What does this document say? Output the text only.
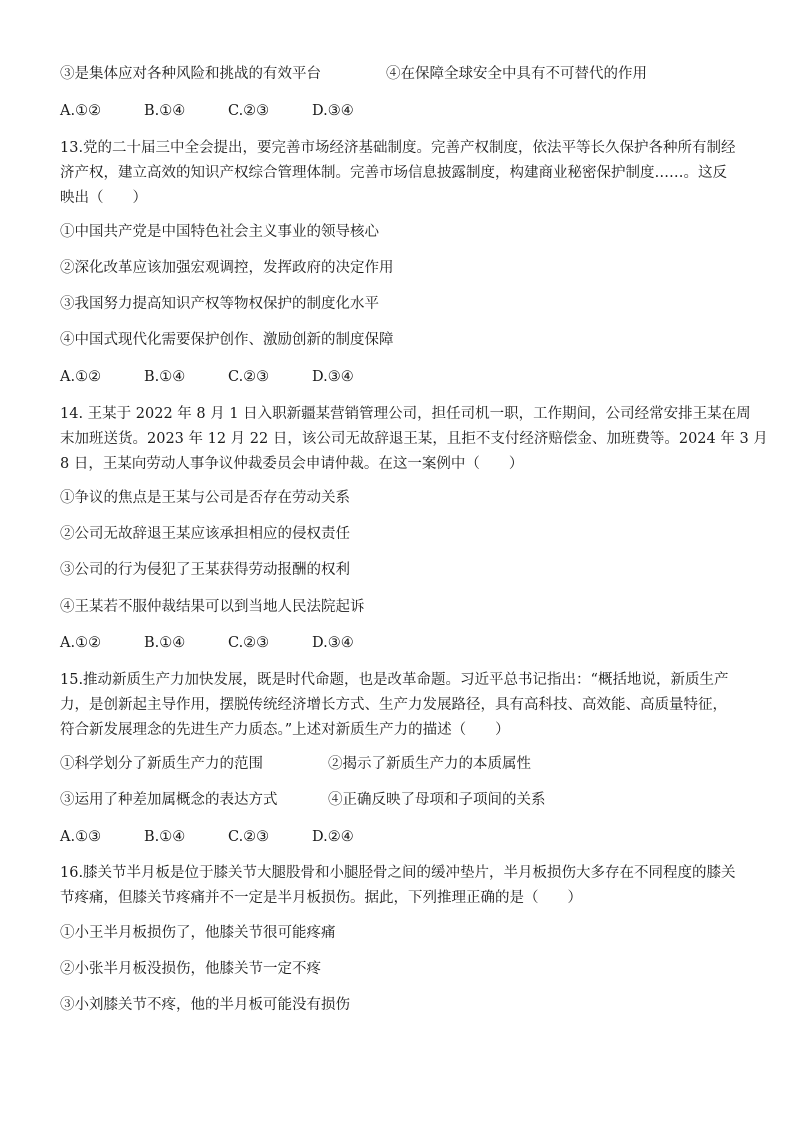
③是集体应对各种风险和挑战的有效平台	④在保障全球安全中具有不可替代的作用
A.①②	B.①④	C.②③	D.③④
13.党的二十届三中全会提出，要完善市场经济基础制度。完善产权制度，依法平等长久保护各种所有制经
济产权，建立高效的知识产权综合管理体制。完善市场信息披露制度，构建商业秘密保护制度……。这反
映出（　　）
①中国共产党是中国特色社会主义事业的领导核心
②深化改革应该加强宏观调控，发挥政府的决定作用
③我国努力提高知识产权等物权保护的制度化水平
④中国式现代化需要保护创作、激励创新的制度保障
A.①②	B.①④	C.②③	D.③④
14. 王某于 2022 年 8 月 1 日入职新疆某营销管理公司，担任司机一职，工作期间，公司经常安排王某在周
末加班送货。2023 年 12 月 22 日，该公司无故辞退王某，且拒不支付经济赔偿金、加班费等。2024 年 3 月
8 日，王某向劳动人事争议仲裁委员会申请仲裁。在这一案例中（　　）
①争议的焦点是王某与公司是否存在劳动关系
②公司无故辞退王某应该承担相应的侵权责任
③公司的行为侵犯了王某获得劳动报酬的权利
④王某若不服仲裁结果可以到当地人民法院起诉
A.①②	B.①④	C.②③	D.③④
15.推动新质生产力加快发展，既是时代命题，也是改革命题。习近平总书记指出：“概括地说，新质生产
力，是创新起主导作用，摆脱传统经济增长方式、生产力发展路径，具有高科技、高效能、高质量特征，
符合新发展理念的先进生产力质态。”上述对新质生产力的描述（　　）
①科学划分了新质生产力的范围	②揭示了新质生产力的本质属性
③运用了种差加属概念的表达方式	④正确反映了母项和子项间的关系
A.①③	B.①④	C.②③	D.②④
16.膝关节半月板是位于膝关节大腿股骨和小腿胫骨之间的缓冲垫片，半月板损伤大多存在不同程度的膝关
节疼痛，但膝关节疼痛并不一定是半月板损伤。据此，下列推理正确的是（　　）
①小王半月板损伤了，他膝关节很可能疼痛
②小张半月板没损伤，他膝关节一定不疼
③小刘膝关节不疼，他的半月板可能没有损伤
